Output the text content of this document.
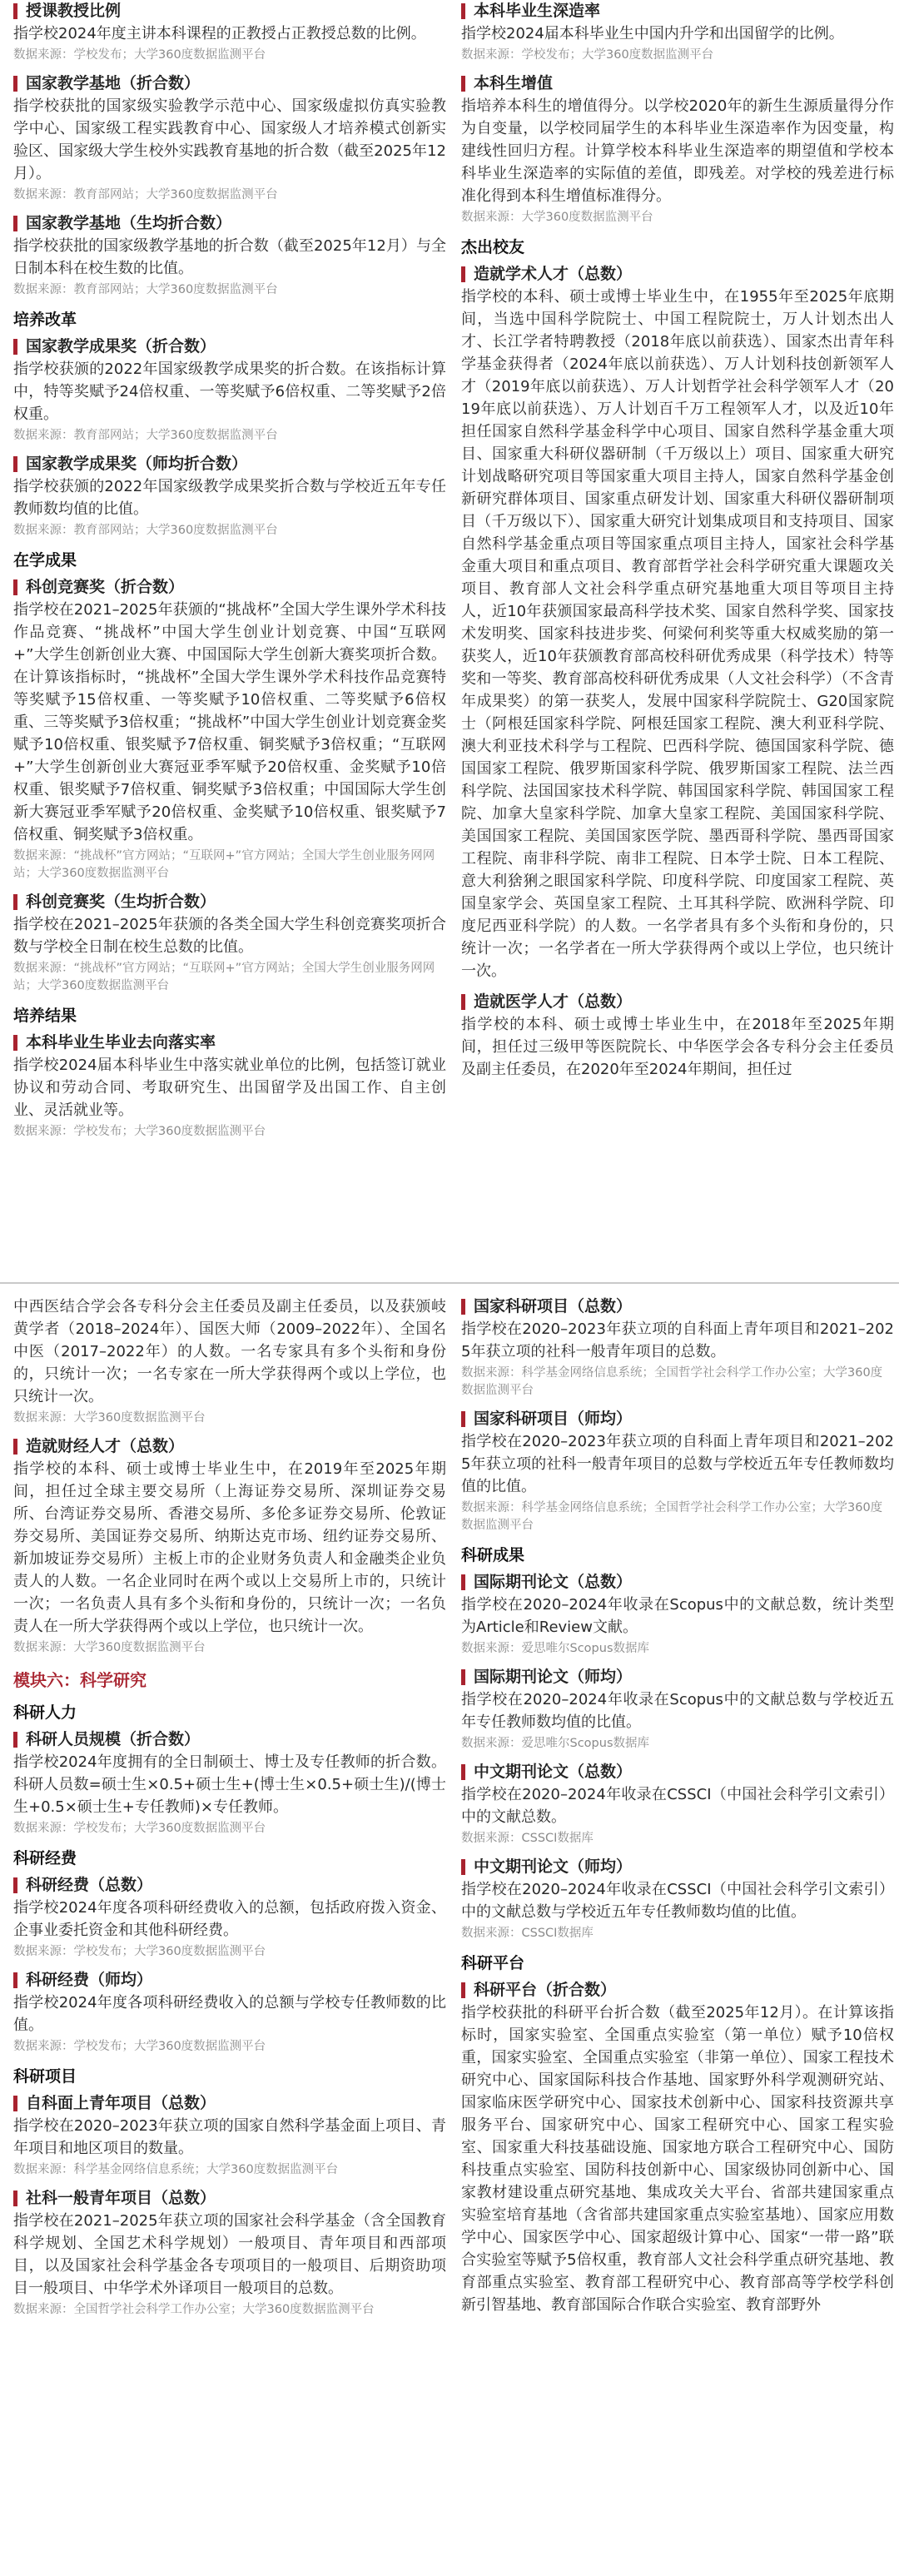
授课教授比例
指学校2024年度主讲本科课程的正教授占正教授总数的比例。
数据来源：学校发布；大学360度数据监测平台
国家教学基地（折合数）
指学校获批的国家级实验教学示范中心、国家级虚拟仿真实验教学中心、国家级工程实践教育中心、国家级人才培养模式创新实验区、国家级大学生校外实践教育基地的折合数（截至2025年12月）。
数据来源：教育部网站；大学360度数据监测平台
国家教学基地（生均折合数）
指学校获批的国家级教学基地的折合数（截至2025年12月）与全日制本科在校生数的比值。
数据来源：教育部网站；大学360度数据监测平台
培养改革
国家教学成果奖（折合数）
指学校获颁的2022年国家级教学成果奖的折合数。在该指标计算中，特等奖赋予24倍权重、一等奖赋予6倍权重、二等奖赋予2倍权重。
数据来源：教育部网站；大学360度数据监测平台
国家教学成果奖（师均折合数）
指学校获颁的2022年国家级教学成果奖折合数与学校近五年专任教师数均值的比值。
数据来源：教育部网站；大学360度数据监测平台
在学成果
科创竞赛奖（折合数）
指学校在2021–2025年获颁的“挑战杯”全国大学生课外学术科技作品竞赛、“挑战杯”中国大学生创业计划竞赛、中国“互联网+”大学生创新创业大赛、中国国际大学生创新大赛奖项折合数。在计算该指标时，“挑战杯”全国大学生课外学术科技作品竞赛特等奖赋予15倍权重、一等奖赋予10倍权重、二等奖赋予6倍权重、三等奖赋予3倍权重；“挑战杯”中国大学生创业计划竞赛金奖赋予10倍权重、银奖赋予7倍权重、铜奖赋予3倍权重；“互联网+”大学生创新创业大赛冠亚季军赋予20倍权重、金奖赋予10倍权重、银奖赋予7倍权重、铜奖赋予3倍权重；中国国际大学生创新大赛冠亚季军赋予20倍权重、金奖赋予10倍权重、银奖赋予7倍权重、铜奖赋予3倍权重。
数据来源：“挑战杯”官方网站；“互联网+”官方网站；全国大学生创业服务网网站；大学360度数据监测平台
科创竞赛奖（生均折合数）
指学校在2021–2025年获颁的各类全国大学生科创竞赛奖项折合数与学校全日制在校生总数的比值。
数据来源：“挑战杯”官方网站；“互联网+”官方网站；全国大学生创业服务网网站；大学360度数据监测平台
培养结果
本科毕业生毕业去向落实率
指学校2024届本科毕业生中落实就业单位的比例，包括签订就业协议和劳动合同、考取研究生、出国留学及出国工作、自主创业、灵活就业等。
数据来源：学校发布；大学360度数据监测平台
本科毕业生深造率
指学校2024届本科毕业生中国内升学和出国留学的比例。
数据来源：学校发布；大学360度数据监测平台
本科生增值
指培养本科生的增值得分。以学校2020年的新生生源质量得分作为自变量，以学校同届学生的本科毕业生深造率作为因变量，构建线性回归方程。计算学校本科毕业生深造率的期望值和学校本科毕业生深造率的实际值的差值，即残差。对学校的残差进行标准化得到本科生增值标准得分。
数据来源：大学360度数据监测平台
杰出校友
造就学术人才（总数）
指学校的本科、硕士或博士毕业生中，在1955年至2025年底期间，当选中国科学院院士、中国工程院院士，万人计划杰出人才、长江学者特聘教授（2018年底以前获选）、国家杰出青年科学基金获得者（2024年底以前获选）、万人计划科技创新领军人才（2019年底以前获选）、万人计划哲学社会科学领军人才（2019年底以前获选）、万人计划百千万工程领军人才，以及近10年担任国家自然科学基金科学中心项目、国家自然科学基金重大项目、国家重大科研仪器研制（千万级以上）项目、国家重大研究计划战略研究项目等国家重大项目主持人，国家自然科学基金创新研究群体项目、国家重点研发计划、国家重大科研仪器研制项目（千万级以下）、国家重大研究计划集成项目和支持项目、国家自然科学基金重点项目等国家重点项目主持人，国家社会科学基金重大项目和重点项目、教育部哲学社会科学研究重大课题攻关项目、教育部人文社会科学重点研究基地重大项目等项目主持人，近10年获颁国家最高科学技术奖、国家自然科学奖、国家技术发明奖、国家科技进步奖、何梁何利奖等重大权威奖励的第一获奖人，近10年获颁教育部高校科研优秀成果（科学技术）特等奖和一等奖、教育部高校科研优秀成果（人文社会科学）（不含青年成果奖）的第一获奖人，发展中国家科学院院士、G20国家院士（阿根廷国家科学院、阿根廷国家工程院、澳大利亚科学院、澳大利亚技术科学与工程院、巴西科学院、德国国家科学院、德国国家工程院、俄罗斯国家科学院、俄罗斯国家工程院、法兰西科学院、法国国家技术科学院、韩国国家科学院、韩国国家工程院、加拿大皇家科学院、加拿大皇家工程院、美国国家科学院、美国国家工程院、美国国家医学院、墨西哥科学院、墨西哥国家工程院、南非科学院、南非工程院、日本学士院、日本工程院、意大利猞猁之眼国家科学院、印度科学院、印度国家工程院、英国皇家学会、英国皇家工程院、土耳其科学院、欧洲科学院、印度尼西亚科学院）的人数。一名学者具有多个头衔和身份的，只统计一次；一名学者在一所大学获得两个或以上学位，也只统计一次。
造就医学人才（总数）
指学校的本科、硕士或博士毕业生中，在2018年至2025年期间，担任过三级甲等医院院长、中华医学会各专科分会主任委员及副主任委员，在2020年至2024年期间，担任过
中西医结合学会各专科分会主任委员及副主任委员，以及获颁岐黄学者（2018–2024年）、国医大师（2009–2022年）、全国名中医（2017–2022年）的人数。一名专家具有多个头衔和身份的，只统计一次；一名专家在一所大学获得两个或以上学位，也只统计一次。
数据来源：大学360度数据监测平台
造就财经人才（总数）
指学校的本科、硕士或博士毕业生中，在2019年至2025年期间，担任过全球主要交易所（上海证券交易所、深圳证券交易所、台湾证券交易所、香港交易所、多伦多证券交易所、伦敦证券交易所、美国证券交易所、纳斯达克市场、纽约证券交易所、新加坡证券交易所）主板上市的企业财务负责人和金融类企业负责人的人数。一名企业同时在两个或以上交易所上市的，只统计一次；一名负责人具有多个头衔和身份的，只统计一次；一名负责人在一所大学获得两个或以上学位，也只统计一次。
数据来源：大学360度数据监测平台
模块六：科学研究
科研人力
科研人员规模（折合数）
指学校2024年度拥有的全日制硕士、博士及专任教师的折合数。科研人员数=硕士生×0.5+硕士生+(博士生×0.5+硕士生)/(博士生+0.5×硕士生+专任教师)×专任教师。
数据来源：学校发布；大学360度数据监测平台
科研经费
科研经费（总数）
指学校2024年度各项科研经费收入的总额，包括政府拨入资金、企事业委托资金和其他科研经费。
数据来源：学校发布；大学360度数据监测平台
科研经费（师均）
指学校2024年度各项科研经费收入的总额与学校专任教师数的比值。
数据来源：学校发布；大学360度数据监测平台
科研项目
自科面上青年项目（总数）
指学校在2020–2023年获立项的国家自然科学基金面上项目、青年项目和地区项目的数量。
数据来源：科学基金网络信息系统；大学360度数据监测平台
社科一般青年项目（总数）
指学校在2021–2025年获立项的国家社会科学基金（含全国教育科学规划、全国艺术科学规划）一般项目、青年项目和西部项目，以及国家社会科学基金各专项项目的一般项目、后期资助项目一般项目、中华学术外译项目一般项目的总数。
数据来源：全国哲学社会科学工作办公室；大学360度数据监测平台
国家科研项目（总数）
指学校在2020–2023年获立项的自科面上青年项目和2021–2025年获立项的社科一般青年项目的总数。
数据来源：科学基金网络信息系统；全国哲学社会科学工作办公室；大学360度数据监测平台
国家科研项目（师均）
指学校在2020–2023年获立项的自科面上青年项目和2021–2025年获立项的社科一般青年项目的总数与学校近五年专任教师数均值的比值。
数据来源：科学基金网络信息系统；全国哲学社会科学工作办公室；大学360度数据监测平台
科研成果
国际期刊论文（总数）
指学校在2020–2024年收录在Scopus中的文献总数，统计类型为Article和Review文献。
数据来源：爱思唯尔Scopus数据库
国际期刊论文（师均）
指学校在2020–2024年收录在Scopus中的文献总数与学校近五年专任教师数均值的比值。
数据来源：爱思唯尔Scopus数据库
中文期刊论文（总数）
指学校在2020–2024年收录在CSSCI（中国社会科学引文索引）中的文献总数。
数据来源：CSSCI数据库
中文期刊论文（师均）
指学校在2020–2024年收录在CSSCI（中国社会科学引文索引）中的文献总数与学校近五年专任教师数均值的比值。
数据来源：CSSCI数据库
科研平台
科研平台（折合数）
指学校获批的科研平台折合数（截至2025年12月）。在计算该指标时，国家实验室、全国重点实验室（第一单位）赋予10倍权重，国家实验室、全国重点实验室（非第一单位）、国家工程技术研究中心、国家国际科技合作基地、国家野外科学观测研究站、国家临床医学研究中心、国家技术创新中心、国家科技资源共享服务平台、国家研究中心、国家工程研究中心、国家工程实验室、国家重大科技基础设施、国家地方联合工程研究中心、国防科技重点实验室、国防科技创新中心、国家级协同创新中心、国家教材建设重点研究基地、集成攻关大平台、省部共建国家重点实验室培育基地（含省部共建国家重点实验室基地）、国家应用数学中心、国家医学中心、国家超级计算中心、国家“一带一路”联合实验室等赋予5倍权重，教育部人文社会科学重点研究基地、教育部重点实验室、教育部工程研究中心、教育部高等学校学科创新引智基地、教育部国际合作联合实验室、教育部野外
